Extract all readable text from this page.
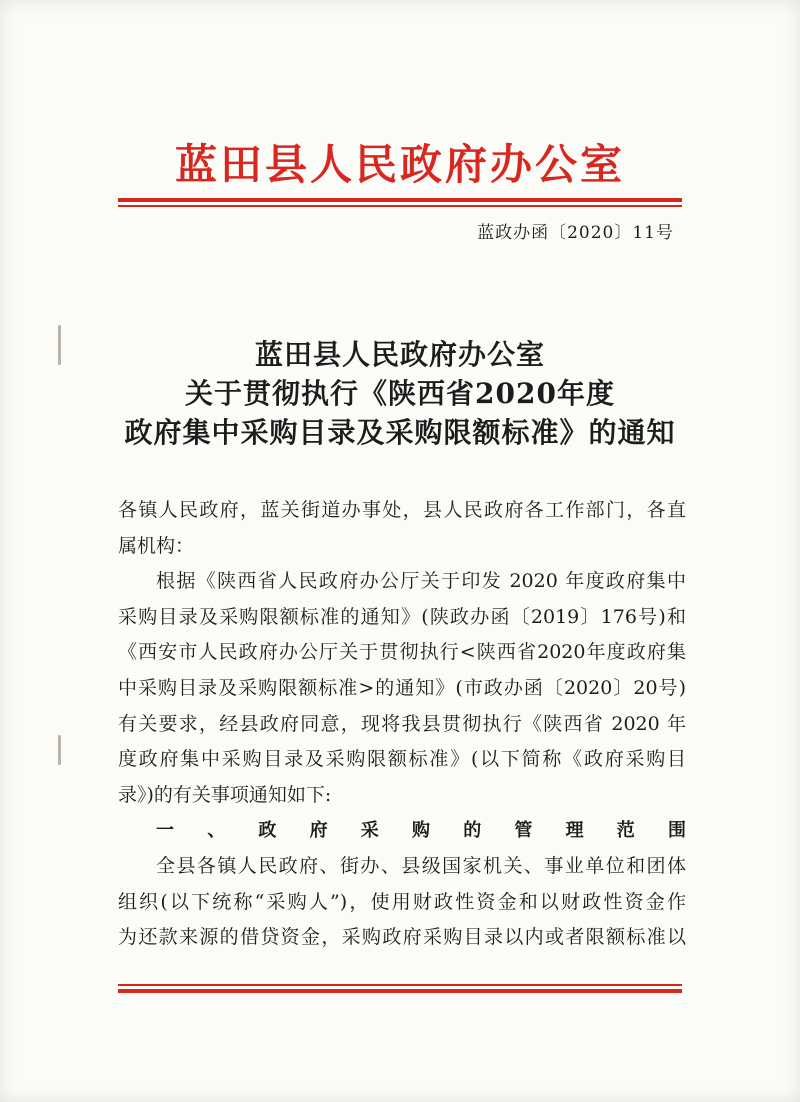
蓝田县人民政府办公室
蓝政办函〔2020〕11号
蓝田县人民政府办公室
关于贯彻执行《陕西省2020年度
政府集中采购目录及采购限额标准》的通知

各镇人民政府，蓝关街道办事处，县人民政府各工作部门，各直

属机构：

根据《陕西省人民政府办公厅关于印发 2020 年度政府集中

采购目录及采购限额标准的通知》(陕政办函〔2019〕176号)和

《西安市人民政府办公厅关于贯彻执行<陕西省2020年度政府集

中采购目录及采购限额标准>的通知》(市政办函〔2020〕20号)

有关要求，经县政府同意，现将我县贯彻执行《陕西省 2020 年

度政府集中采购目录及采购限额标准》(以下简称《政府采购目

录》)的有关事项通知如下:

一、政府采购的管理范围

全县各镇人民政府、街办、县级国家机关、事业单位和团体

组织(以下统称“采购人”)，使用财政性资金和以财政性资金作

为还款来源的借贷资金，采购政府采购目录以内或者限额标准以
